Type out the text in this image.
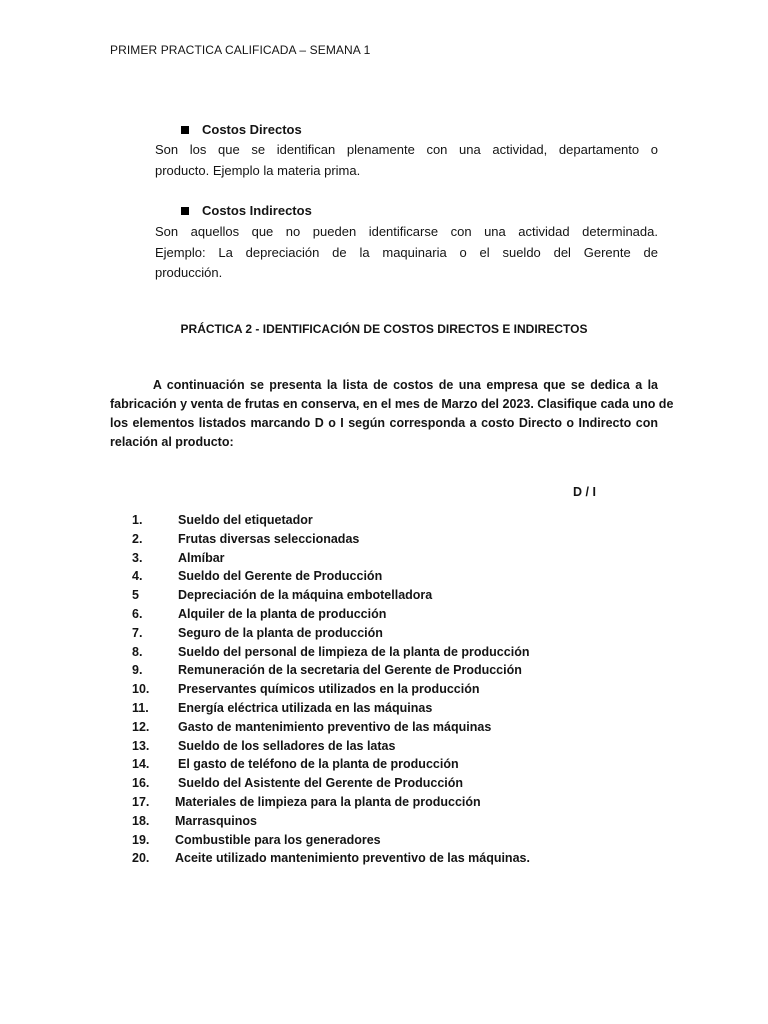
PRIMER PRACTICA CALIFICADA – SEMANA 1
Costos Directos
Son los que se identifican plenamente con una actividad, departamento o
producto. Ejemplo la materia prima.
Costos Indirectos
Son aquellos que no pueden identificarse con una actividad determinada.
Ejemplo: La depreciación de la maquinaria o el sueldo del Gerente de
producción.
PRÁCTICA 2 - IDENTIFICACIÓN DE COSTOS DIRECTOS E INDIRECTOS
A continuación se presenta la lista de costos de una empresa que se dedica a la
fabricación y venta de frutas en conserva, en el mes de Marzo del 2023. Clasifique cada uno de
los elementos listados marcando D o I según corresponda a costo Directo o Indirecto con
relación al producto:
D / I
1.	Sueldo del etiquetador
2.	Frutas diversas seleccionadas
3.	Almíbar
4.	Sueldo del Gerente de Producción
5	Depreciación de la máquina embotelladora
6.	Alquiler de la planta de producción
7.	Seguro de la planta de producción
8.	Sueldo del personal de limpieza de la planta de producción
9.	Remuneración de la secretaria del Gerente de Producción
10. Preservantes químicos utilizados en la producción
11. Energía eléctrica utilizada en las máquinas
12. Gasto de mantenimiento preventivo de las máquinas
13. Sueldo de los selladores de las latas
14. El gasto de teléfono de la planta de producción
16. Sueldo del Asistente del Gerente de Producción
17. Materiales de limpieza para la planta de producción
18. Marrasquinos
19. Combustible para los generadores
20. Aceite utilizado mantenimiento preventivo de las máquinas.
